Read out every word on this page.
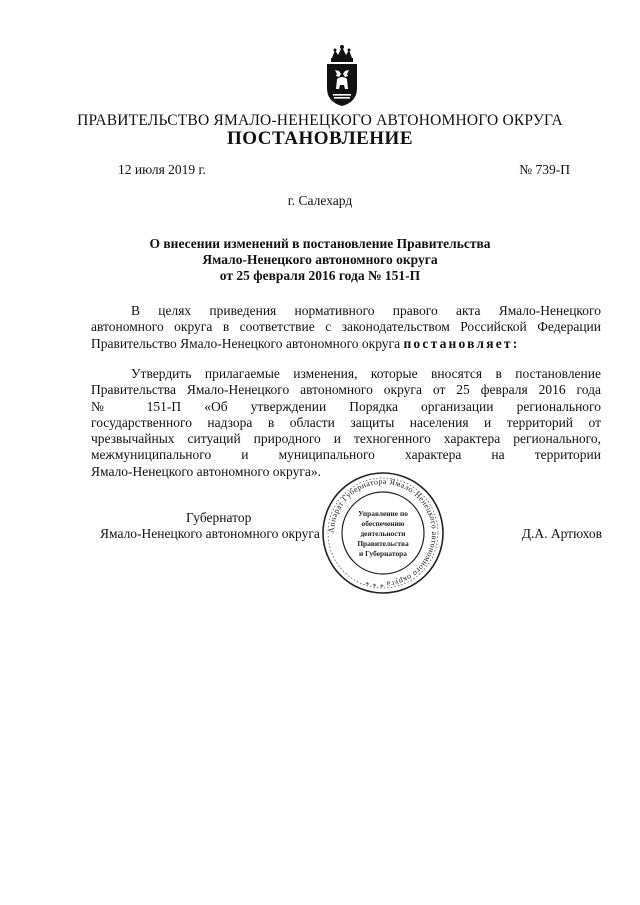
ПРАВИТЕЛЬСТВО ЯМАЛО-НЕНЕЦКОГО АВТОНОМНОГО ОКРУГА
ПОСТАНОВЛЕНИЕ
12 июля 2019 г.	№ 739-П
г. Салехард
О внесении изменений в постановление Правительства
Ямало-Ненецкого автономного округа
от 25 февраля 2016 года № 151-П
В целях приведения нормативного правого акта Ямало-Ненецкого
автономного округа в соответствие с законодательством Российской Федерации
Правительство Ямало-Ненецкого автономного округа постановляет:
Утвердить прилагаемые изменения, которые вносятся в постановление
Правительства Ямало-Ненецкого автономного округа от 25 февраля 2016 года
№ 151-П «Об утверждении Порядка организации регионального
государственного надзора в области защиты населения и территорий от
чрезвычайных ситуаций природного и техногенного характера регионального,
межмуниципального и муниципального характера на территории
Ямало-Ненецкого автономного округа».
Губернатор
Ямало-Ненецкого автономного округа	Д.А. Артюхов
Аппарат Губернатора Ямало-Ненецкого автономного округа * * *
Управление по
обеспечению
деятельности
Правительства
и Губернатора
